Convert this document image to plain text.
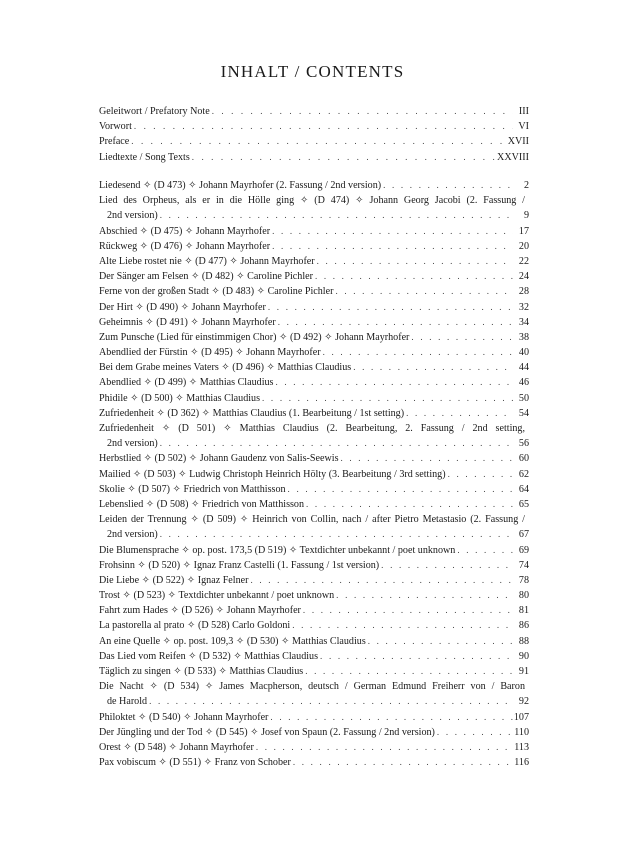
INHALT / CONTENTS
Geleitwort / Prefatory Note . . .	III
Vorwort . . .	VI
Preface . . .	XVII
Liedtexte / Song Texts . . .	XXVIII
Liedesend ✧ (D 473) ✧ Johann Mayrhofer (2. Fassung / 2nd version) . . .	2
Lied des Orpheus, als er in die Hölle ging ✧ (D 474) ✧ Johann Georg Jacobi (2. Fassung /
2nd version) . . .	9
Abschied ✧ (D 475) ✧ Johann Mayrhofer . . .	17
Rückweg ✧ (D 476) ✧ Johann Mayrhofer . . .	20
Alte Liebe rostet nie ✧ (D 477) ✧ Johann Mayrhofer . . .	22
Der Sänger am Felsen ✧ (D 482) ✧ Caroline Pichler . . .	24
Ferne von der großen Stadt ✧ (D 483) ✧ Caroline Pichler . . .	28
Der Hirt ✧ (D 490) ✧ Johann Mayrhofer . . .	32
Geheimnis ✧ (D 491) ✧ Johann Mayrhofer . . .	34
Zum Punsche (Lied für einstimmigen Chor) ✧ (D 492) ✧ Johann Mayrhofer . . .	38
Abendlied der Fürstin ✧ (D 495) ✧ Johann Mayrhofer . . .	40
Bei dem Grabe meines Vaters ✧ (D 496) ✧ Matthias Claudius . . .	44
Abendlied ✧ (D 499) ✧ Matthias Claudius . . .	46
Phidile ✧ (D 500) ✧ Matthias Claudius . . .	50
Zufriedenheit ✧ (D 362) ✧ Matthias Claudius (1. Bearbeitung / 1st setting) . . .	54
Zufriedenheit ✧ (D 501) ✧ Matthias Claudius (2. Bearbeitung, 2. Fassung / 2nd setting,
2nd version) . . .	56
Herbstlied ✧ (D 502) ✧ Johann Gaudenz von Salis-Seewis . . .	60
Mailied ✧ (D 503) ✧ Ludwig Christoph Heinrich Hölty (3. Bearbeitung / 3rd setting) . . .	62
Skolie ✧ (D 507) ✧ Friedrich von Matthisson . . .	64
Lebenslied ✧ (D 508) ✧ Friedrich von Matthisson . . .	65
Leiden der Trennung ✧ (D 509) ✧ Heinrich von Collin, nach / after Pietro Metastasio (2. Fassung /
2nd version) . . .	67
Die Blumensprache ✧ op. post. 173,5 (D 519) ✧ Textdichter unbekannt / poet unknown . . .	69
Frohsinn ✧ (D 520) ✧ Ignaz Franz Castelli (1. Fassung / 1st version) . . .	74
Die Liebe ✧ (D 522) ✧ Ignaz Felner . . .	78
Trost ✧ (D 523) ✧ Textdichter unbekannt / poet unknown . . .	80
Fahrt zum Hades ✧ (D 526) ✧ Johann Mayrhofer . . .	81
La pastorella al prato ✧ (D 528) Carlo Goldoni . . .	86
An eine Quelle ✧ op. post. 109,3 ✧ (D 530) ✧ Matthias Claudius . . .	88
Das Lied vom Reifen ✧ (D 532) ✧ Matthias Claudius . . .	90
Täglich zu singen ✧ (D 533) ✧ Matthias Claudius . . .	91
Die Nacht ✧ (D 534) ✧ James Macpherson, deutsch / German Edmund Freiherr von / Baron
de Harold . . .	92
Philoktet ✧ (D 540) ✧ Johann Mayrhofer . . .	107
Der Jüngling und der Tod ✧ (D 545) ✧ Josef von Spaun (2. Fassung / 2nd version) . . .	110
Orest ✧ (D 548) ✧ Johann Mayrhofer . . .	113
Pax vobiscum ✧ (D 551) ✧ Franz von Schober . . .	116
